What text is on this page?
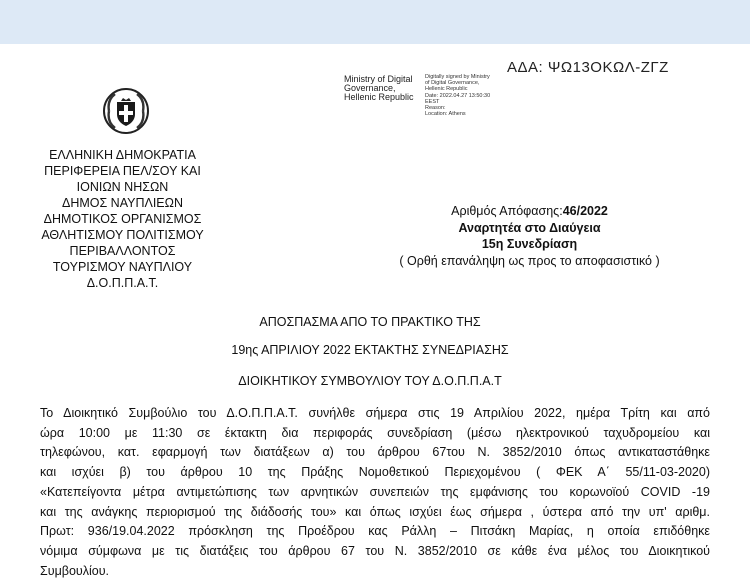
ΑΔΑ: ΨΩ13ΟΚΩΛ-ΖΓΖ
Ministry of Digital
Governance,
Hellenic Republic
Digitally signed by Ministry
of Digital Governance,
Hellenic Republic
Date: 2022.04.27 13:50:30
EEST
Reason:
Location: Athens
ΕΛΛΗΝΙΚΗ ΔΗΜΟΚΡΑΤΙΑ
ΠΕΡΙΦΕΡΕΙΑ ΠΕΛ/ΣΟΥ ΚΑΙ
ΙΟΝΙΩΝ ΝΗΣΩΝ
ΔΗΜΟΣ ΝΑΥΠΛΙΕΩΝ
ΔΗΜΟΤΙΚΟΣ ΟΡΓΑΝΙΣΜΟΣ
ΑΘΛΗΤΙΣΜΟΥ ΠΟΛΙΤΙΣΜΟΥ
ΠΕΡΙΒΑΛΛΟΝΤΟΣ
ΤΟΥΡΙΣΜΟΥ ΝΑΥΠΛΙΟΥ
Δ.Ο.Π.Π.Α.Τ.
Αριθμός Απόφασης:46/2022
Αναρτητέα στο Διαύγεια
15η Συνεδρίαση
( Ορθή επανάληψη ως προς το αποφασιστικό )
ΑΠΟΣΠΑΣΜΑ ΑΠΟ ΤΟ ΠΡΑΚΤΙΚΟ ΤΗΣ
19ης ΑΠΡΙΛΙΟΥ 2022 ΕΚΤΑΚΤΗΣ ΣΥΝΕΔΡΙΑΣΗΣ
ΔΙΟΙΚΗΤΙΚΟΥ ΣΥΜΒΟΥΛΙΟΥ ΤΟΥ Δ.Ο.Π.Π.Α.Τ
Το Διοικητικό Συμβούλιο του Δ.Ο.Π.Π.Α.Τ. συνήλθε σήμερα στις 19 Απριλίου 2022, ημέρα Τρίτη και από
ώρα 10:00 με 11:30 σε έκτακτη δια περιφοράς συνεδρίαση (μέσω ηλεκτρονικού ταχυδρομείου και
τηλεφώνου, κατ. εφαρμογή των διατάξεων α) του άρθρου 67του Ν. 3852/2010 όπως αντικαταστάθηκε
και ισχύει β) του άρθρου 10 της Πράξης Νομοθετικού Περιεχομένου ( ΦΕΚ Α΄ 55/11-03-2020)
«Κατεπείγοντα μέτρα αντιμετώπισης των αρνητικών συνεπειών της εμφάνισης του κορωνοϊού COVID -19
και της ανάγκης περιορισμού της διάδοσής του» και όπως ισχύει έως σήμερα , ύστερα από την υπ' αριθμ.
Πρωτ: 936/19.04.2022 πρόσκληση της Προέδρου κας Ράλλη – Πιτσάκη Μαρίας, η οποία επιδόθηκε
νόμιμα σύμφωνα με τις διατάξεις του άρθρου 67 του Ν. 3852/2010 σε κάθε ένα μέλος του Διοικητικού
Συμβουλίου.
